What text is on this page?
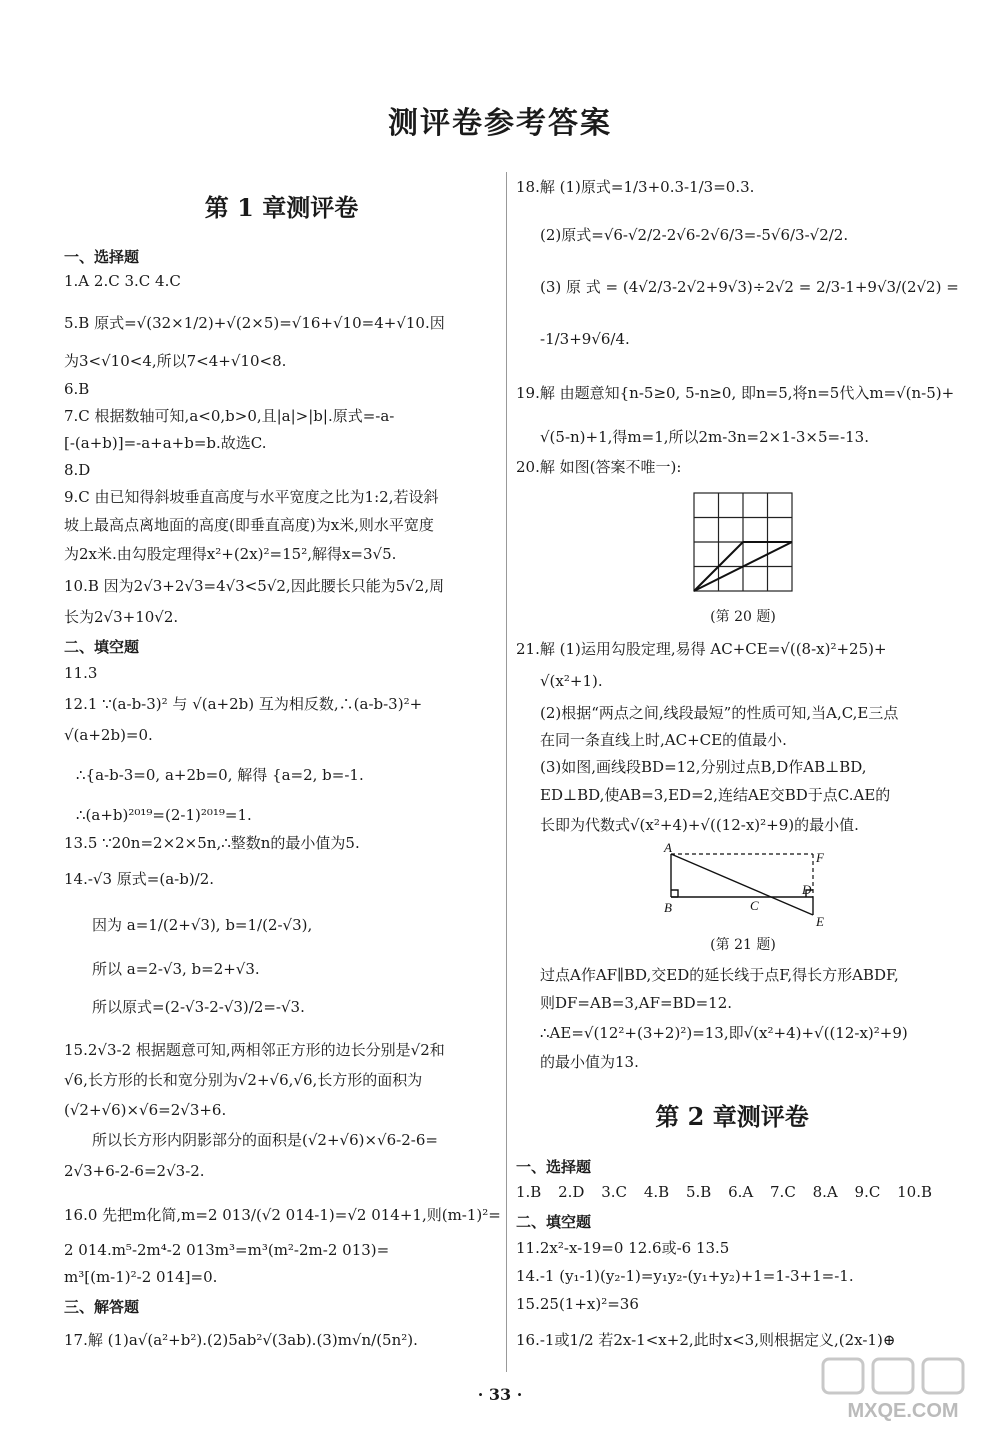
测评卷参考答案
第 1 章测评卷
一、选择题
1.A 2.C 3.C 4.C
5.B 原式=√(32×1/2)+√(2×5)=√16+√10=4+√10.因
为3<√10<4,所以7<4+√10<8.
6.B
7.C 根据数轴可知,a<0,b>0,且|a|>|b|.原式=-a-
[-(a+b)]=-a+a+b=b.故选C.
8.D
9.C 由已知得斜坡垂直高度与水平宽度之比为1:2,若设斜
坡上最高点离地面的高度(即垂直高度)为x米,则水平宽度
为2x米.由勾股定理得x²+(2x)²=15²,解得x=3√5.
10.B 因为2√3+2√3=4√3<5√2,因此腰长只能为5√2,周
长为2√3+10√2.
二、填空题
11.3
12.1 ∵(a-b-3)² 与 √(a+2b) 互为相反数,∴(a-b-3)²+
√(a+2b)=0.
∴{a-b-3=0, a+2b=0, 解得 {a=2, b=-1.
∴(a+b)²⁰¹⁹=(2-1)²⁰¹⁹=1.
13.5 ∵20n=2×2×5n,∴整数n的最小值为5.
14.-√3 原式=(a-b)/2.
因为 a=1/(2+√3), b=1/(2-√3),
所以 a=2-√3, b=2+√3.
所以原式=(2-√3-2-√3)/2=-√3.
15.2√3-2 根据题意可知,两相邻正方形的边长分别是√2和
√6,长方形的长和宽分别为√2+√6,√6,长方形的面积为
(√2+√6)×√6=2√3+6.
所以长方形内阴影部分的面积是(√2+√6)×√6-2-6=
2√3+6-2-6=2√3-2.
16.0 先把m化简,m=2 013/(√2 014-1)=√2 014+1,则(m-1)²=
2 014.m⁵-2m⁴-2 013m³=m³(m²-2m-2 013)=
m³[(m-1)²-2 014]=0.
三、解答题
17.解 (1)a√(a²+b²).(2)5ab²√(3ab).(3)m√n/(5n²).
18.解 (1)原式=1/3+0.3-1/3=0.3.
(2)原式=√6-√2/2-2√6-2√6/3=-5√6/3-√2/2.
(3) 原 式 = (4√2/3-2√2+9√3)÷2√2 = 2/3-1+9√3/(2√2) =
-1/3+9√6/4.
19.解 由题意知{n-5≥0, 5-n≥0, 即n=5,将n=5代入m=√(n-5)+
√(5-n)+1,得m=1,所以2m-3n=2×1-3×5=-13.
20.解 如图(答案不唯一):
(第 20 题)
21.解 (1)运用勾股定理,易得 AC+CE=√((8-x)²+25)+
√(x²+1).
(2)根据“两点之间,线段最短”的性质可知,当A,C,E三点
在同一条直线上时,AC+CE的值最小.
(3)如图,画线段BD=12,分别过点B,D作AB⊥BD,
ED⊥BD,使AB=3,ED=2,连结AE交BD于点C.AE的
长即为代数式√(x²+4)+√((12-x)²+9)的最小值.
A
B	C
D
E
F
(第 21 题)
过点A作AF∥BD,交ED的延长线于点F,得长方形ABDF,
则DF=AB=3,AF=BD=12.
∴AE=√(12²+(3+2)²)=13,即√(x²+4)+√((12-x)²+9)
的最小值为13.
第 2 章测评卷
一、选择题
1.B 2.D 3.C 4.B 5.B 6.A 7.C 8.A 9.C 10.B
二、填空题
11.2x²-x-19=0 12.6或-6 13.5
14.-1 (y₁-1)(y₂-1)=y₁y₂-(y₁+y₂)+1=1-3+1=-1.
15.25(1+x)²=36
16.-1或1/2 若2x-1<x+2,此时x<3,则根据定义,(2x-1)⊕
· 33 ·
MXQE.COM
